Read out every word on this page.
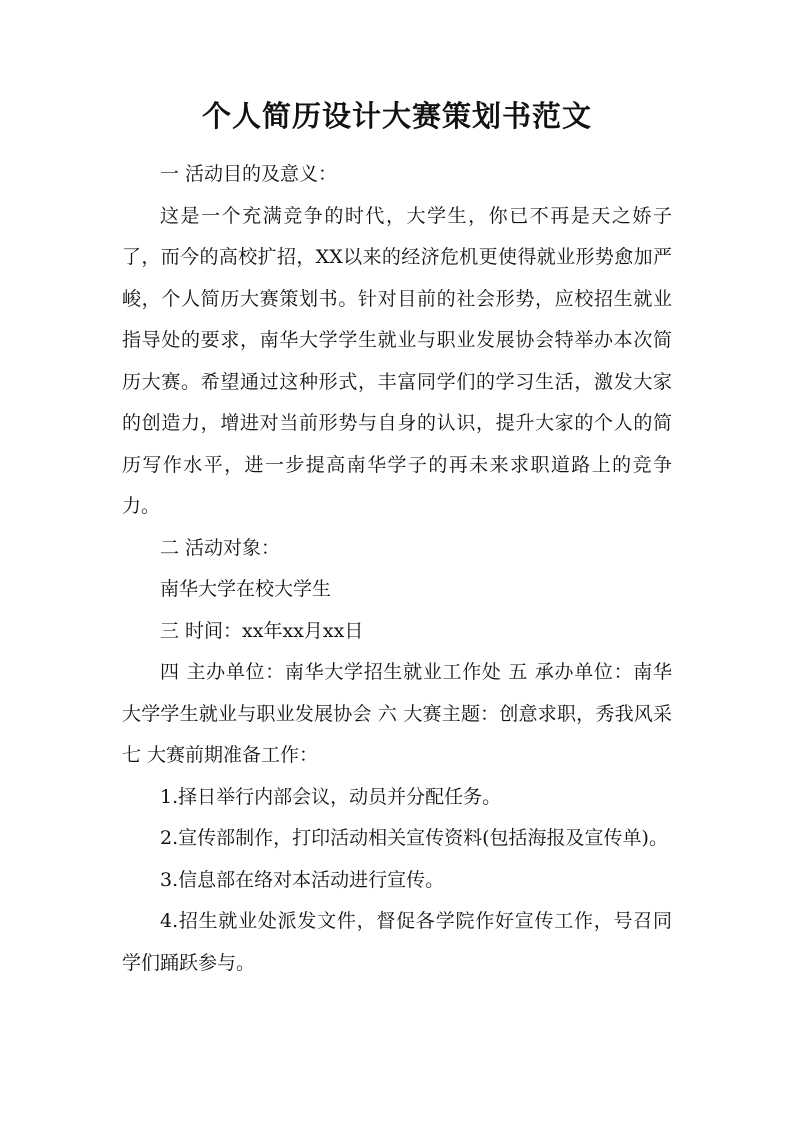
个人简历设计大赛策划书范文

一 活动目的及意义：

这是一个充满竞争的时代，大学生，你已不再是天之娇子了，而今的高校扩招，XX以来的经济危机更使得就业形势愈加严峻，个人简历大赛策划书。针对目前的社会形势，应校招生就业指导处的要求，南华大学学生就业与职业发展协会特举办本次简历大赛。希望通过这种形式，丰富同学们的学习生活，激发大家的创造力，增进对当前形势与自身的认识，提升大家的个人的简历写作水平，进一步提高南华学子的再未来求职道路上的竞争力。

二 活动对象：

南华大学在校大学生

三 时间：xx年xx月xx日

四 主办单位：南华大学招生就业工作处 五 承办单位：南华大学学生就业与职业发展协会 六 大赛主题：创意求职，秀我风采 七 大赛前期准备工作：

1.择日举行内部会议，动员并分配任务。

2.宣传部制作，打印活动相关宣传资料(包括海报及宣传单)。

3.信息部在络对本活动进行宣传。

4.招生就业处派发文件，督促各学院作好宣传工作，号召同学们踊跃参与。
